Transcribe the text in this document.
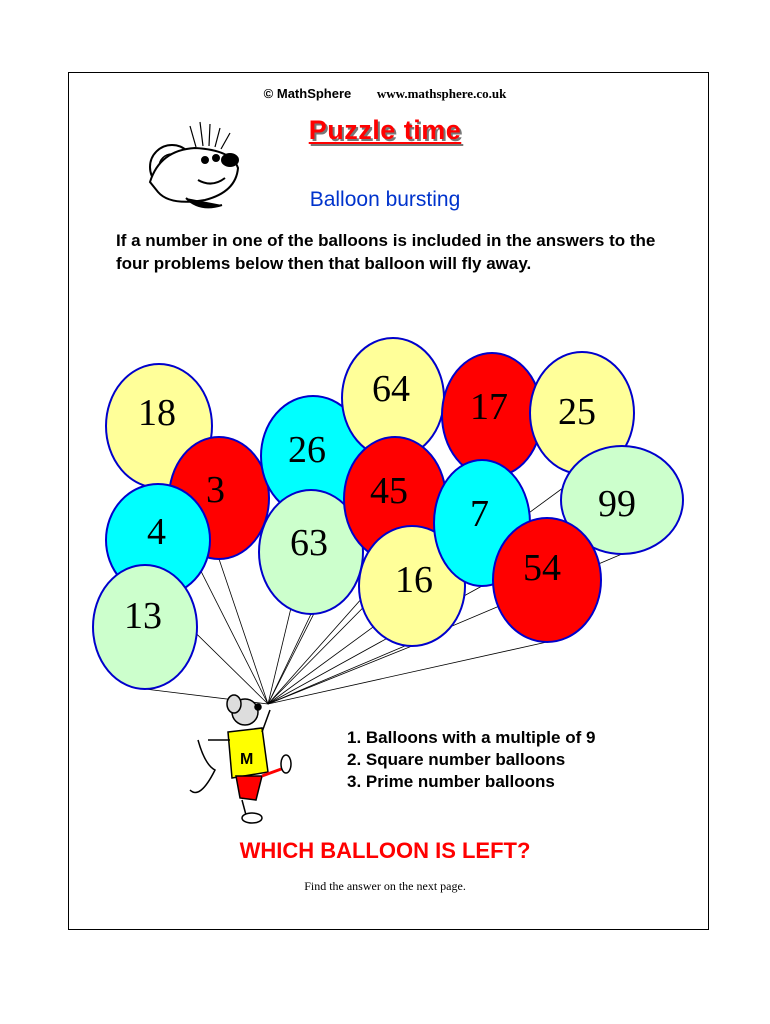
© MathSphere www.mathsphere.co.uk
Puzzle time
Balloon bursting
If a number in one of the balloons is included in the answers to the four problems below then that balloon will fly away.
18
3
4
13
26
63
64
45
16
17
7
25
99
54
M
1. Balloons with a multiple of 9
2. Square number balloons
3. Prime number balloons
WHICH BALLOON IS LEFT?
Find the answer on the next page.
